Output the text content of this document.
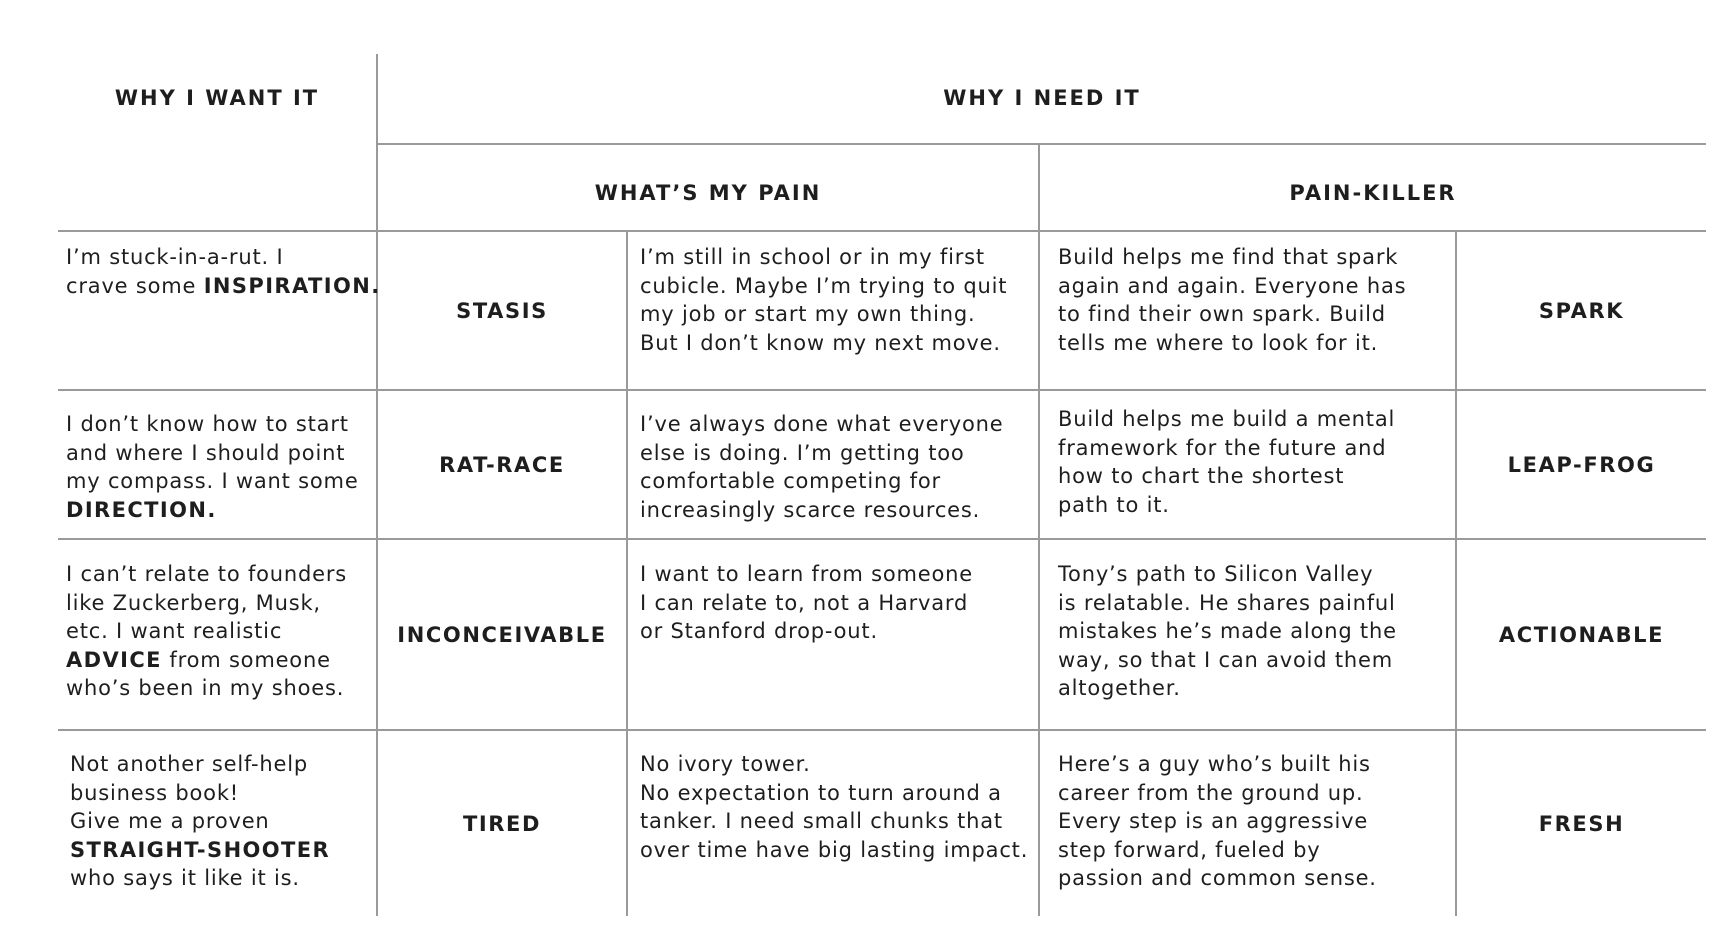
WHY I WANT IT	WHY I NEED IT
WHAT’S MY PAIN	PAIN-KILLER
I’m stuck-in-a-rut. I
crave some INSPIRATION.
STASIS
I’m still in school or in my first
cubicle. Maybe I’m trying to quit
my job or start my own thing.
But I don’t know my next move.
Build helps me find that spark
again and again. Everyone has
to find their own spark. Build
tells me where to look for it.
SPARK
I don’t know how to start
and where I should point
my compass. I want some
DIRECTION.
RAT-RACE
I’ve always done what everyone
else is doing. I’m getting too
comfortable competing for
increasingly scarce resources.
Build helps me build a mental
framework for the future and
how to chart the shortest
path to it.
LEAP-FROG
I can’t relate to founders
like Zuckerberg, Musk,
etc. I want realistic
ADVICE from someone
who’s been in my shoes.
INCONCEIVABLE
I want to learn from someone
I can relate to, not a Harvard
or Stanford drop-out.
Tony’s path to Silicon Valley
is relatable. He shares painful
mistakes he’s made along the
way, so that I can avoid them
altogether.
ACTIONABLE
Not another self-help
business book!
Give me a proven
STRAIGHT-SHOOTER
who says it like it is.
TIRED
No ivory tower.
No expectation to turn around a
tanker. I need small chunks that
over time have big lasting impact.
Here’s a guy who’s built his
career from the ground up.
Every step is an aggressive
step forward, fueled by
passion and common sense.
FRESH
